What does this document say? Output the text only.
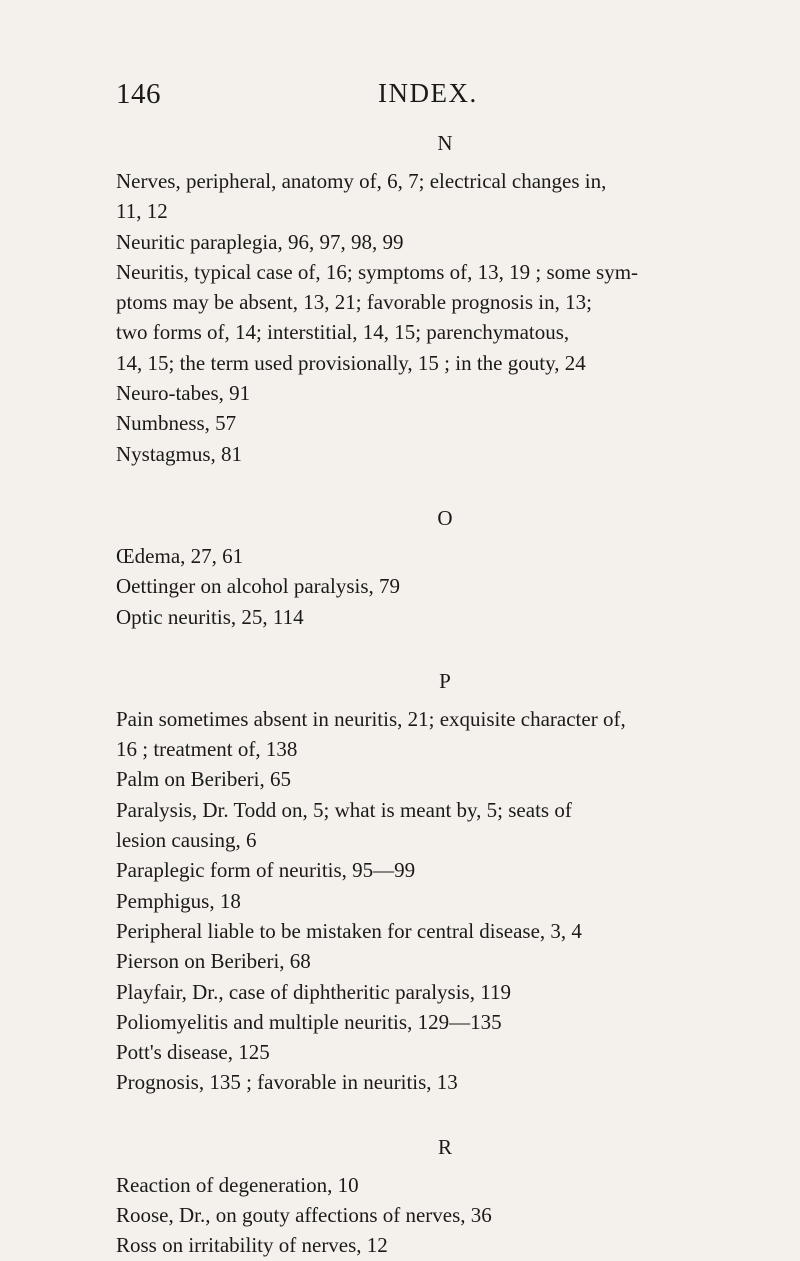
146	INDEX.
N

Nerves, peripheral, anatomy of, 6, 7; electrical changes in,
11, 12

Neuritic paraplegia, 96, 97, 98, 99

Neuritis, typical case of, 16; symptoms of, 13, 19 ; some sym-
ptoms may be absent, 13, 21; favorable prognosis in, 13;
two forms of, 14; interstitial, 14, 15; parenchymatous,
14, 15; the term used provisionally, 15 ; in the gouty, 24

Neuro-tabes, 91

Numbness, 57

Nystagmus, 81

O

Œdema, 27, 61

Oettinger on alcohol paralysis, 79

Optic neuritis, 25, 114

P

Pain sometimes absent in neuritis, 21; exquisite character of,
16 ; treatment of, 138

Palm on Beriberi, 65

Paralysis, Dr. Todd on, 5; what is meant by, 5; seats of
lesion causing, 6

Paraplegic form of neuritis, 95—99

Pemphigus, 18

Peripheral liable to be mistaken for central disease, 3, 4

Pierson on Beriberi, 68

Playfair, Dr., case of diphtheritic paralysis, 119

Poliomyelitis and multiple neuritis, 129—135

Pott's disease, 125

Prognosis, 135 ; favorable in neuritis, 13

R

Reaction of degeneration, 10

Roose, Dr., on gouty affections of nerves, 36

Ross on irritability of nerves, 12
